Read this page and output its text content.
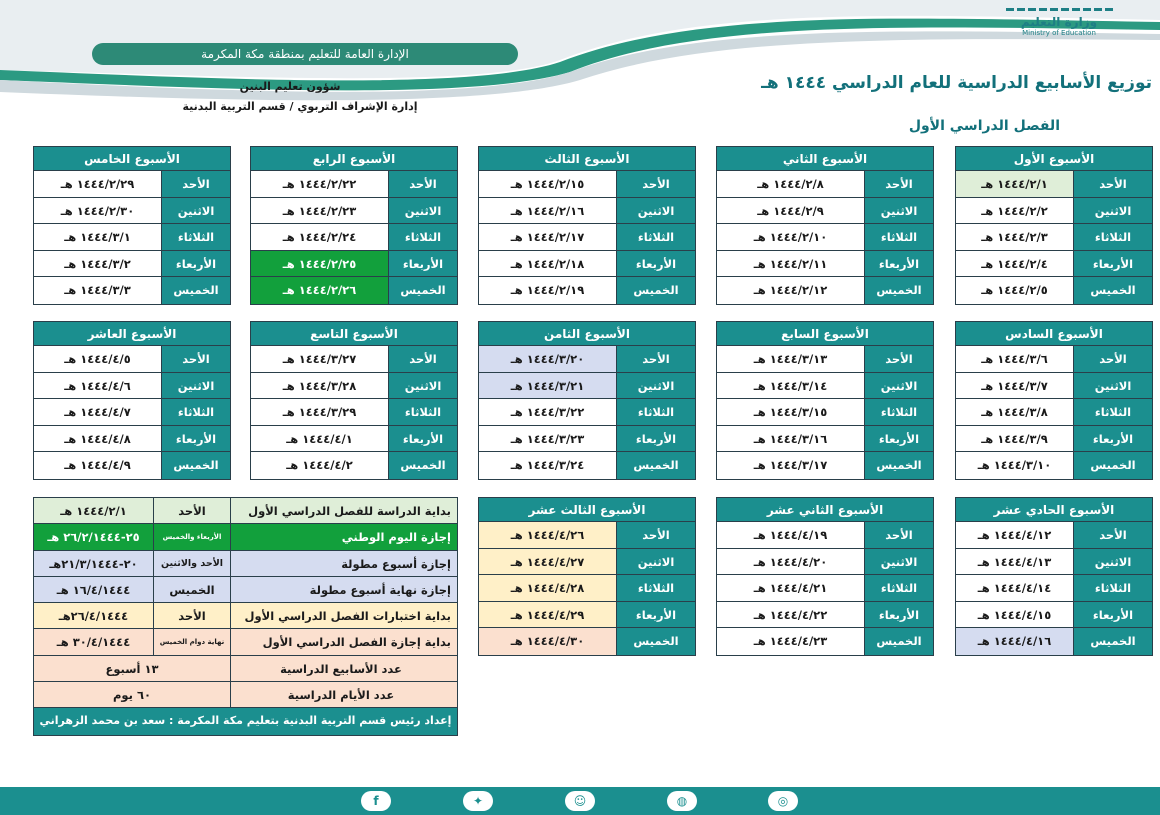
وزارة التعليم
Ministry of Education
الإدارة العامة للتعليم بمنطقة مكة المكرمة
شؤون تعليم البنين
إدارة الإشراف التربوي / قسم التربية البدنية
توزيع الأسابيع الدراسية للعام الدراسي ١٤٤٤ هـ
الفصل الدراسي الأول
الأسبوع الأول
١٤٤٤/٢/١ هـ	الأحد
١٤٤٤/٢/٢ هـ	الاثنين
١٤٤٤/٢/٣ هـ	الثلاثاء
١٤٤٤/٢/٤ هـ	الأربعاء
١٤٤٤/٢/٥ هـ	الخميس
الأسبوع الثاني
١٤٤٤/٢/٨ هـ	الأحد
١٤٤٤/٢/٩ هـ	الاثنين
١٤٤٤/٢/١٠ هـ	الثلاثاء
١٤٤٤/٢/١١ هـ	الأربعاء
١٤٤٤/٢/١٢ هـ	الخميس
الأسبوع الثالث
١٤٤٤/٢/١٥ هـ	الأحد
١٤٤٤/٢/١٦ هـ	الاثنين
١٤٤٤/٢/١٧ هـ	الثلاثاء
١٤٤٤/٢/١٨ هـ	الأربعاء
١٤٤٤/٢/١٩ هـ	الخميس
الأسبوع الرابع
١٤٤٤/٢/٢٢ هـ	الأحد
١٤٤٤/٢/٢٣ هـ	الاثنين
١٤٤٤/٢/٢٤ هـ	الثلاثاء
١٤٤٤/٢/٢٥ هـ	الأربعاء
١٤٤٤/٢/٢٦ هـ	الخميس
الأسبوع الخامس
١٤٤٤/٢/٢٩ هـ	الأحد
١٤٤٤/٢/٣٠ هـ	الاثنين
١٤٤٤/٣/١ هـ	الثلاثاء
١٤٤٤/٣/٢ هـ	الأربعاء
١٤٤٤/٣/٣ هـ	الخميس
الأسبوع السادس
١٤٤٤/٣/٦ هـ	الأحد
١٤٤٤/٣/٧ هـ	الاثنين
١٤٤٤/٣/٨ هـ	الثلاثاء
١٤٤٤/٣/٩ هـ	الأربعاء
١٤٤٤/٣/١٠ هـ	الخميس
الأسبوع السابع
١٤٤٤/٣/١٣ هـ	الأحد
١٤٤٤/٣/١٤ هـ	الاثنين
١٤٤٤/٣/١٥ هـ	الثلاثاء
١٤٤٤/٣/١٦ هـ	الأربعاء
١٤٤٤/٣/١٧ هـ	الخميس
الأسبوع الثامن
١٤٤٤/٣/٢٠ هـ	الأحد
١٤٤٤/٣/٢١ هـ	الاثنين
١٤٤٤/٣/٢٢ هـ	الثلاثاء
١٤٤٤/٣/٢٣ هـ	الأربعاء
١٤٤٤/٣/٢٤ هـ	الخميس
الأسبوع التاسع
١٤٤٤/٣/٢٧ هـ	الأحد
١٤٤٤/٣/٢٨ هـ	الاثنين
١٤٤٤/٣/٢٩ هـ	الثلاثاء
١٤٤٤/٤/١ هـ	الأربعاء
١٤٤٤/٤/٢ هـ	الخميس
الأسبوع العاشر
١٤٤٤/٤/٥ هـ	الأحد
١٤٤٤/٤/٦ هـ	الاثنين
١٤٤٤/٤/٧ هـ	الثلاثاء
١٤٤٤/٤/٨ هـ	الأربعاء
١٤٤٤/٤/٩ هـ	الخميس
الأسبوع الحادي عشر
١٤٤٤/٤/١٢ هـ	الأحد
١٤٤٤/٤/١٣ هـ	الاثنين
١٤٤٤/٤/١٤ هـ	الثلاثاء
١٤٤٤/٤/١٥ هـ	الأربعاء
١٤٤٤/٤/١٦ هـ	الخميس
الأسبوع الثاني عشر
١٤٤٤/٤/١٩ هـ	الأحد
١٤٤٤/٤/٢٠ هـ	الاثنين
١٤٤٤/٤/٢١ هـ	الثلاثاء
١٤٤٤/٤/٢٢ هـ	الأربعاء
١٤٤٤/٤/٢٣ هـ	الخميس
الأسبوع الثالث عشر
١٤٤٤/٤/٢٦ هـ	الأحد
١٤٤٤/٤/٢٧ هـ	الاثنين
١٤٤٤/٤/٢٨ هـ	الثلاثاء
١٤٤٤/٤/٢٩ هـ	الأربعاء
١٤٤٤/٤/٣٠ هـ	الخميس
١٤٤٤/٢/١ هـ	الأحد	بداية الدراسة للفصل الدراسي الأول
٢٥-٢٦/٢/١٤٤٤ هـ	الأربعاء والخميس	إجازة اليوم الوطني
٢٠-٢١/٣/١٤٤٤هـ	الأحد والاثنين	إجازة أسبوع مطولة
١٦/٤/١٤٤٤ هـ	الخميس	إجازة نهاية أسبوع مطولة
٢٦/٤/١٤٤٤هـ	الأحد	بداية اختبارات الفصل الدراسي الأول
٣٠/٤/١٤٤٤ هـ	نهاية دوام الخميس	بداية إجازة الفصل الدراسي الأول
١٣ أسبوع	عدد الأسابيع الدراسية
٦٠ يوم	عدد الأيام الدراسية
إعداد رئيس قسم التربية البدنية بتعليم مكة المكرمة : سعد بن محمد الزهراني
f	✦	☺	◍	◎
